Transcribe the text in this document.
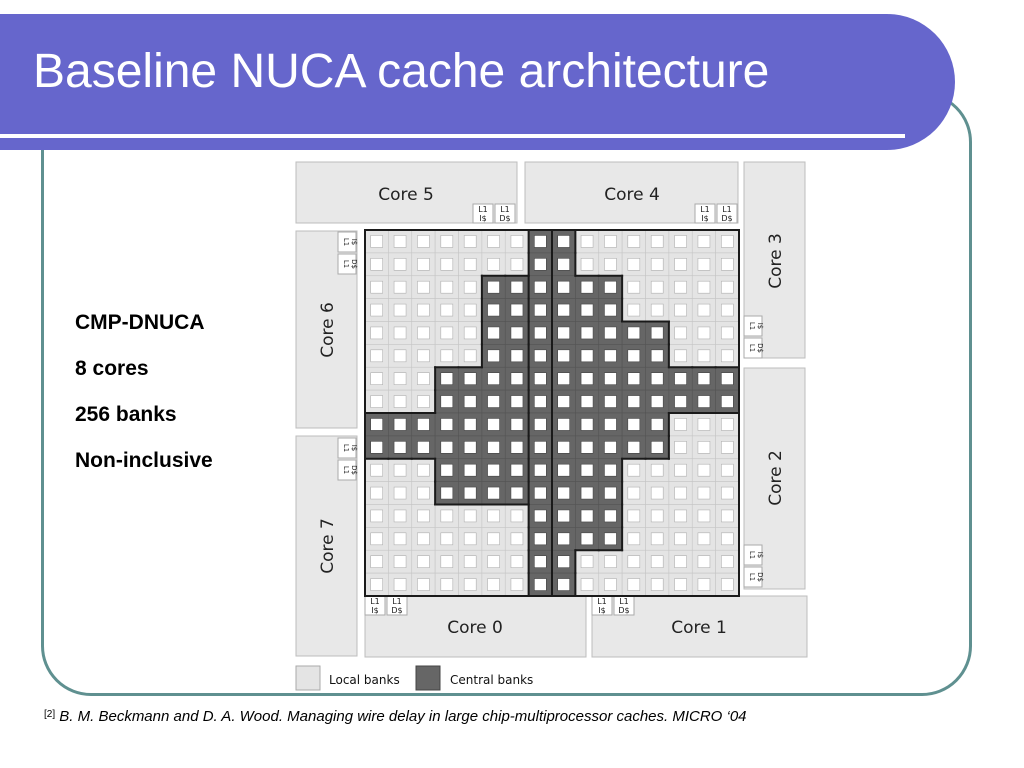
Baseline NUCA cache architecture
CMP-DNUCA
8 cores
256 banks
Non-inclusive
Core 5	Core 4
Core 3
Core 2
Core 1
Core 0
Core 6
Core 7
L1
I$
L1
D$
L1
I$
L1
D$
L1
I$
L1
D$
L1
I$
L1
D$
L1 I$
L1 D$
L1 I$
L1 D$
L1 I$
L1 D$
L1 I$
L1 D$
Local banks	Central banks
[2] B. M. Beckmann and D. A. Wood. Managing wire delay in large chip-multiprocessor caches. MICRO ‘04
